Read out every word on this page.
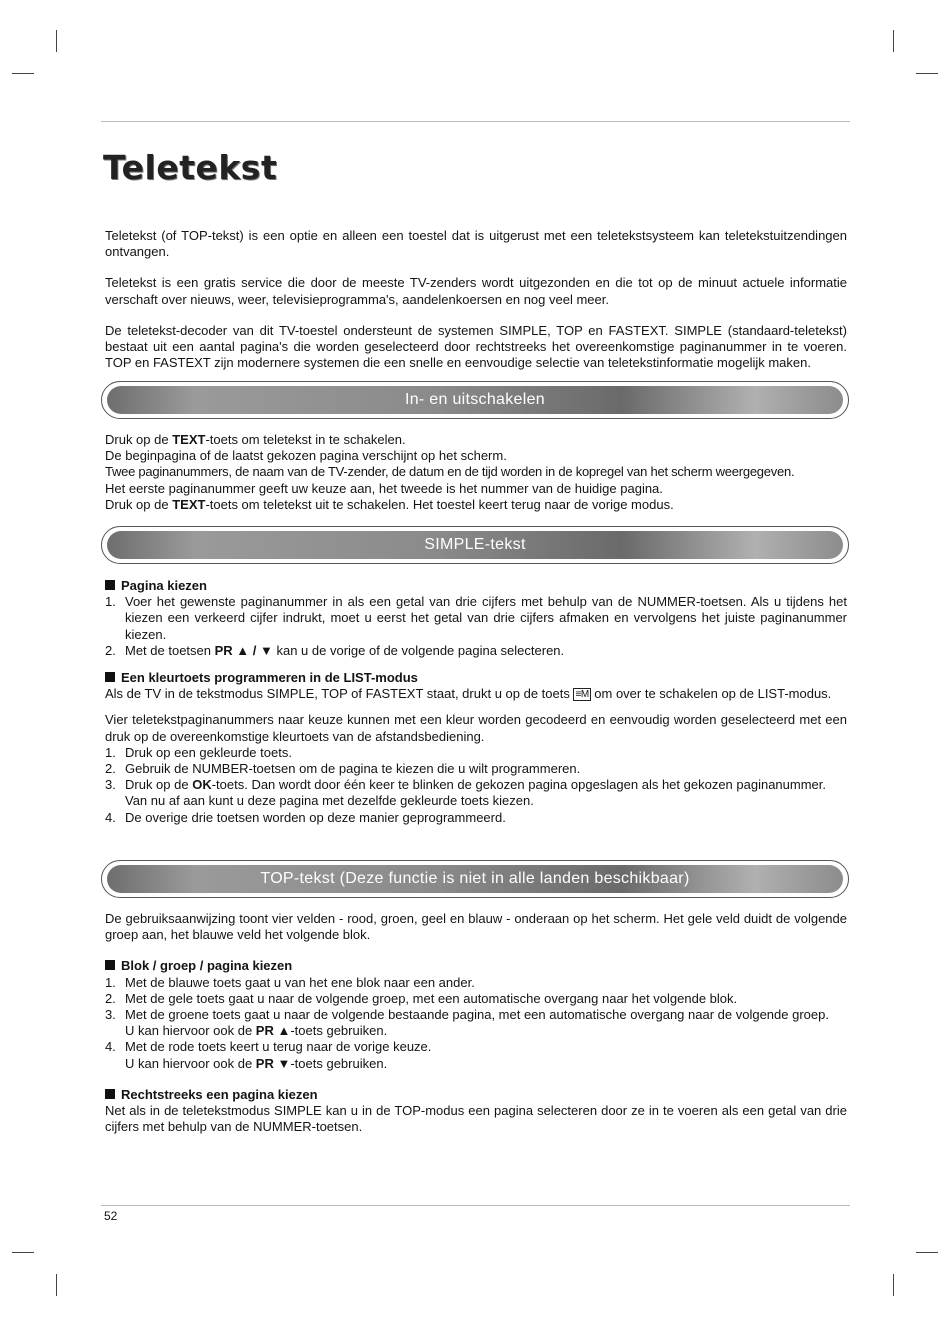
Teletekst

Teletekst (of TOP-tekst) is een optie en alleen een toestel dat is uitgerust met een teletekstsysteem kan teletekstuitzendingen ontvangen.

Teletekst is een gratis service die door de meeste TV-zenders wordt uitgezonden en die tot op de minuut actuele informatie verschaft over nieuws, weer, televisieprogramma's, aandelenkoersen en nog veel meer.

De teletekst-decoder van dit TV-toestel ondersteunt de systemen SIMPLE, TOP en FASTEXT. SIMPLE (standaard-teletekst) bestaat uit een aantal pagina's die worden geselecteerd door rechtstreeks het overeenkomstige paginanummer in te voeren. TOP en FASTEXT zijn modernere systemen die een snelle en eenvoudige selectie van teletekstinformatie mogelijk maken.

In- en uitschakelen

Druk op de TEXT-toets om teletekst in te schakelen.

De beginpagina of de laatst gekozen pagina verschijnt op het scherm.

Twee paginanummers, de naam van de TV-zender, de datum en de tijd worden in de kopregel van het scherm weergegeven.

Het eerste paginanummer geeft uw keuze aan, het tweede is het nummer van de huidige pagina.

Druk op de TEXT-toets om teletekst uit te schakelen. Het toestel keert terug naar de vorige modus.

SIMPLE-tekst
Pagina kiezen
1. Voer het gewenste paginanummer in als een getal van drie cijfers met behulp van de NUMMER-toetsen. Als u tijdens het kiezen een verkeerd cijfer indrukt, moet u eerst het getal van drie cijfers afmaken en vervolgens het juiste paginanummer kiezen.
2. Met de toetsen PR ▲ / ▼ kan u de vorige of de volgende pagina selecteren.
Een kleurtoets programmeren in de LIST-modus

Als de TV in de tekstmodus SIMPLE, TOP of FASTEXT staat, drukt u op de toets ≡M om over te schakelen op de LIST-modus.

Vier teletekstpaginanummers naar keuze kunnen met een kleur worden gecodeerd en eenvoudig worden geselecteerd met een druk op de overeenkomstige kleurtoets van de afstandsbediening.

1. Druk op een gekleurde toets.
2. Gebruik de NUMBER-toetsen om de pagina te kiezen die u wilt programmeren.
3. Druk op de OK-toets. Dan wordt door één keer te blinken de gekozen pagina opgeslagen als het gekozen paginanummer.
Van nu af aan kunt u deze pagina met dezelfde gekleurde toets kiezen.
4. De overige drie toetsen worden op deze manier geprogrammeerd.
TOP-tekst (Deze functie is niet in alle landen beschikbaar)

De gebruiksaanwijzing toont vier velden - rood, groen, geel en blauw - onderaan op het scherm. Het gele veld duidt de volgende groep aan, het blauwe veld het volgende blok.

Blok / groep / pagina kiezen
1. Met de blauwe toets gaat u van het ene blok naar een ander.
2. Met de gele toets gaat u naar de volgende groep, met een automatische overgang naar het volgende blok.
3. Met de groene toets gaat u naar de volgende bestaande pagina, met een automatische overgang naar de volgende groep.
U kan hiervoor ook de PR ▲-toets gebruiken.
4. Met de rode toets keert u terug naar de vorige keuze.
U kan hiervoor ook de PR ▼-toets gebruiken.
Rechtstreeks een pagina kiezen

Net als in de teletekstmodus SIMPLE kan u in de TOP-modus een pagina selecteren door ze in te voeren als een getal van drie cijfers met behulp van de NUMMER-toetsen.

52
